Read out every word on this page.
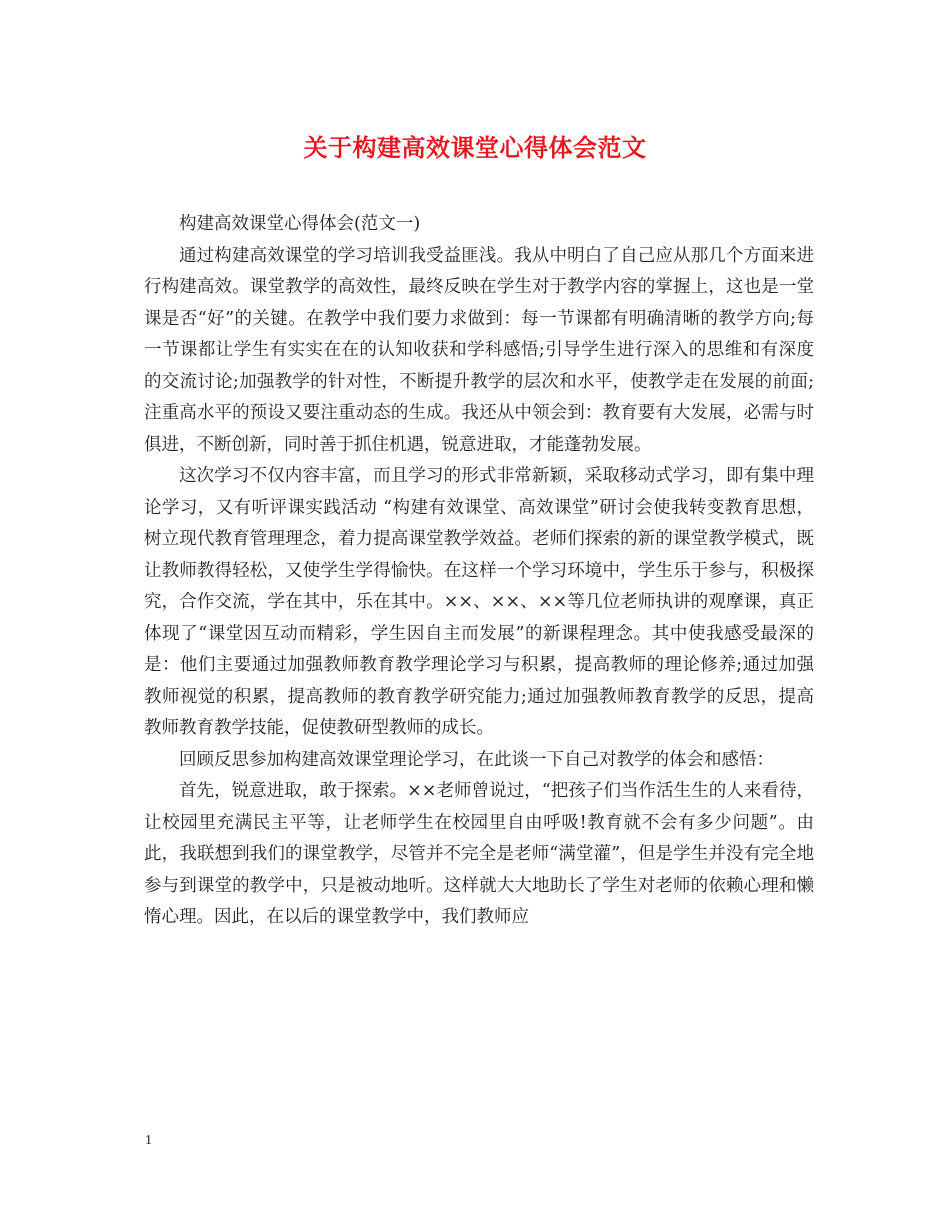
关于构建高效课堂心得体会范文

构建高效课堂心得体会(范文一)

通过构建高效课堂的学习培训我受益匪浅。我从中明白了自己应从那几个方面来进行构建高效。课堂教学的高效性，最终反映在学生对于教学内容的掌握上，这也是一堂课是否“好”的关键。在教学中我们要力求做到：每一节课都有明确清晰的教学方向;每一节课都让学生有实实在在的认知收获和学科感悟;引导学生进行深入的思维和有深度的交流讨论;加强教学的针对性，不断提升教学的层次和水平，使教学走在发展的前面;注重高水平的预设又要注重动态的生成。我还从中领会到：教育要有大发展，必需与时俱进，不断创新，同时善于抓住机遇，锐意进取，才能蓬勃发展。

这次学习不仅内容丰富，而且学习的形式非常新颖，采取移动式学习，即有集中理论学习，又有听评课实践活动 “构建有效课堂、高效课堂”研讨会使我转变教育思想，树立现代教育管理理念，着力提高课堂教学效益。老师们探索的新的课堂教学模式，既让教师教得轻松，又使学生学得愉快。在这样一个学习环境中，学生乐于参与，积极探究，合作交流，学在其中，乐在其中。××、××、××等几位老师执讲的观摩课，真正体现了“课堂因互动而精彩，学生因自主而发展”的新课程理念。其中使我感受最深的是：他们主要通过加强教师教育教学理论学习与积累，提高教师的理论修养;通过加强教师视觉的积累，提高教师的教育教学研究能力;通过加强教师教育教学的反思，提高教师教育教学技能，促使教研型教师的成长。

回顾反思参加构建高效课堂理论学习，在此谈一下自己对教学的体会和感悟：

首先，锐意进取，敢于探索。××老师曾说过，“把孩子们当作活生生的人来看待，让校园里充满民主平等，让老师学生在校园里自由呼吸!教育就不会有多少问题”。由此，我联想到我们的课堂教学，尽管并不完全是老师“满堂灌”，但是学生并没有完全地参与到课堂的教学中，只是被动地听。这样就大大地助长了学生对老师的依赖心理和懒惰心理。因此，在以后的课堂教学中，我们教师应

1
